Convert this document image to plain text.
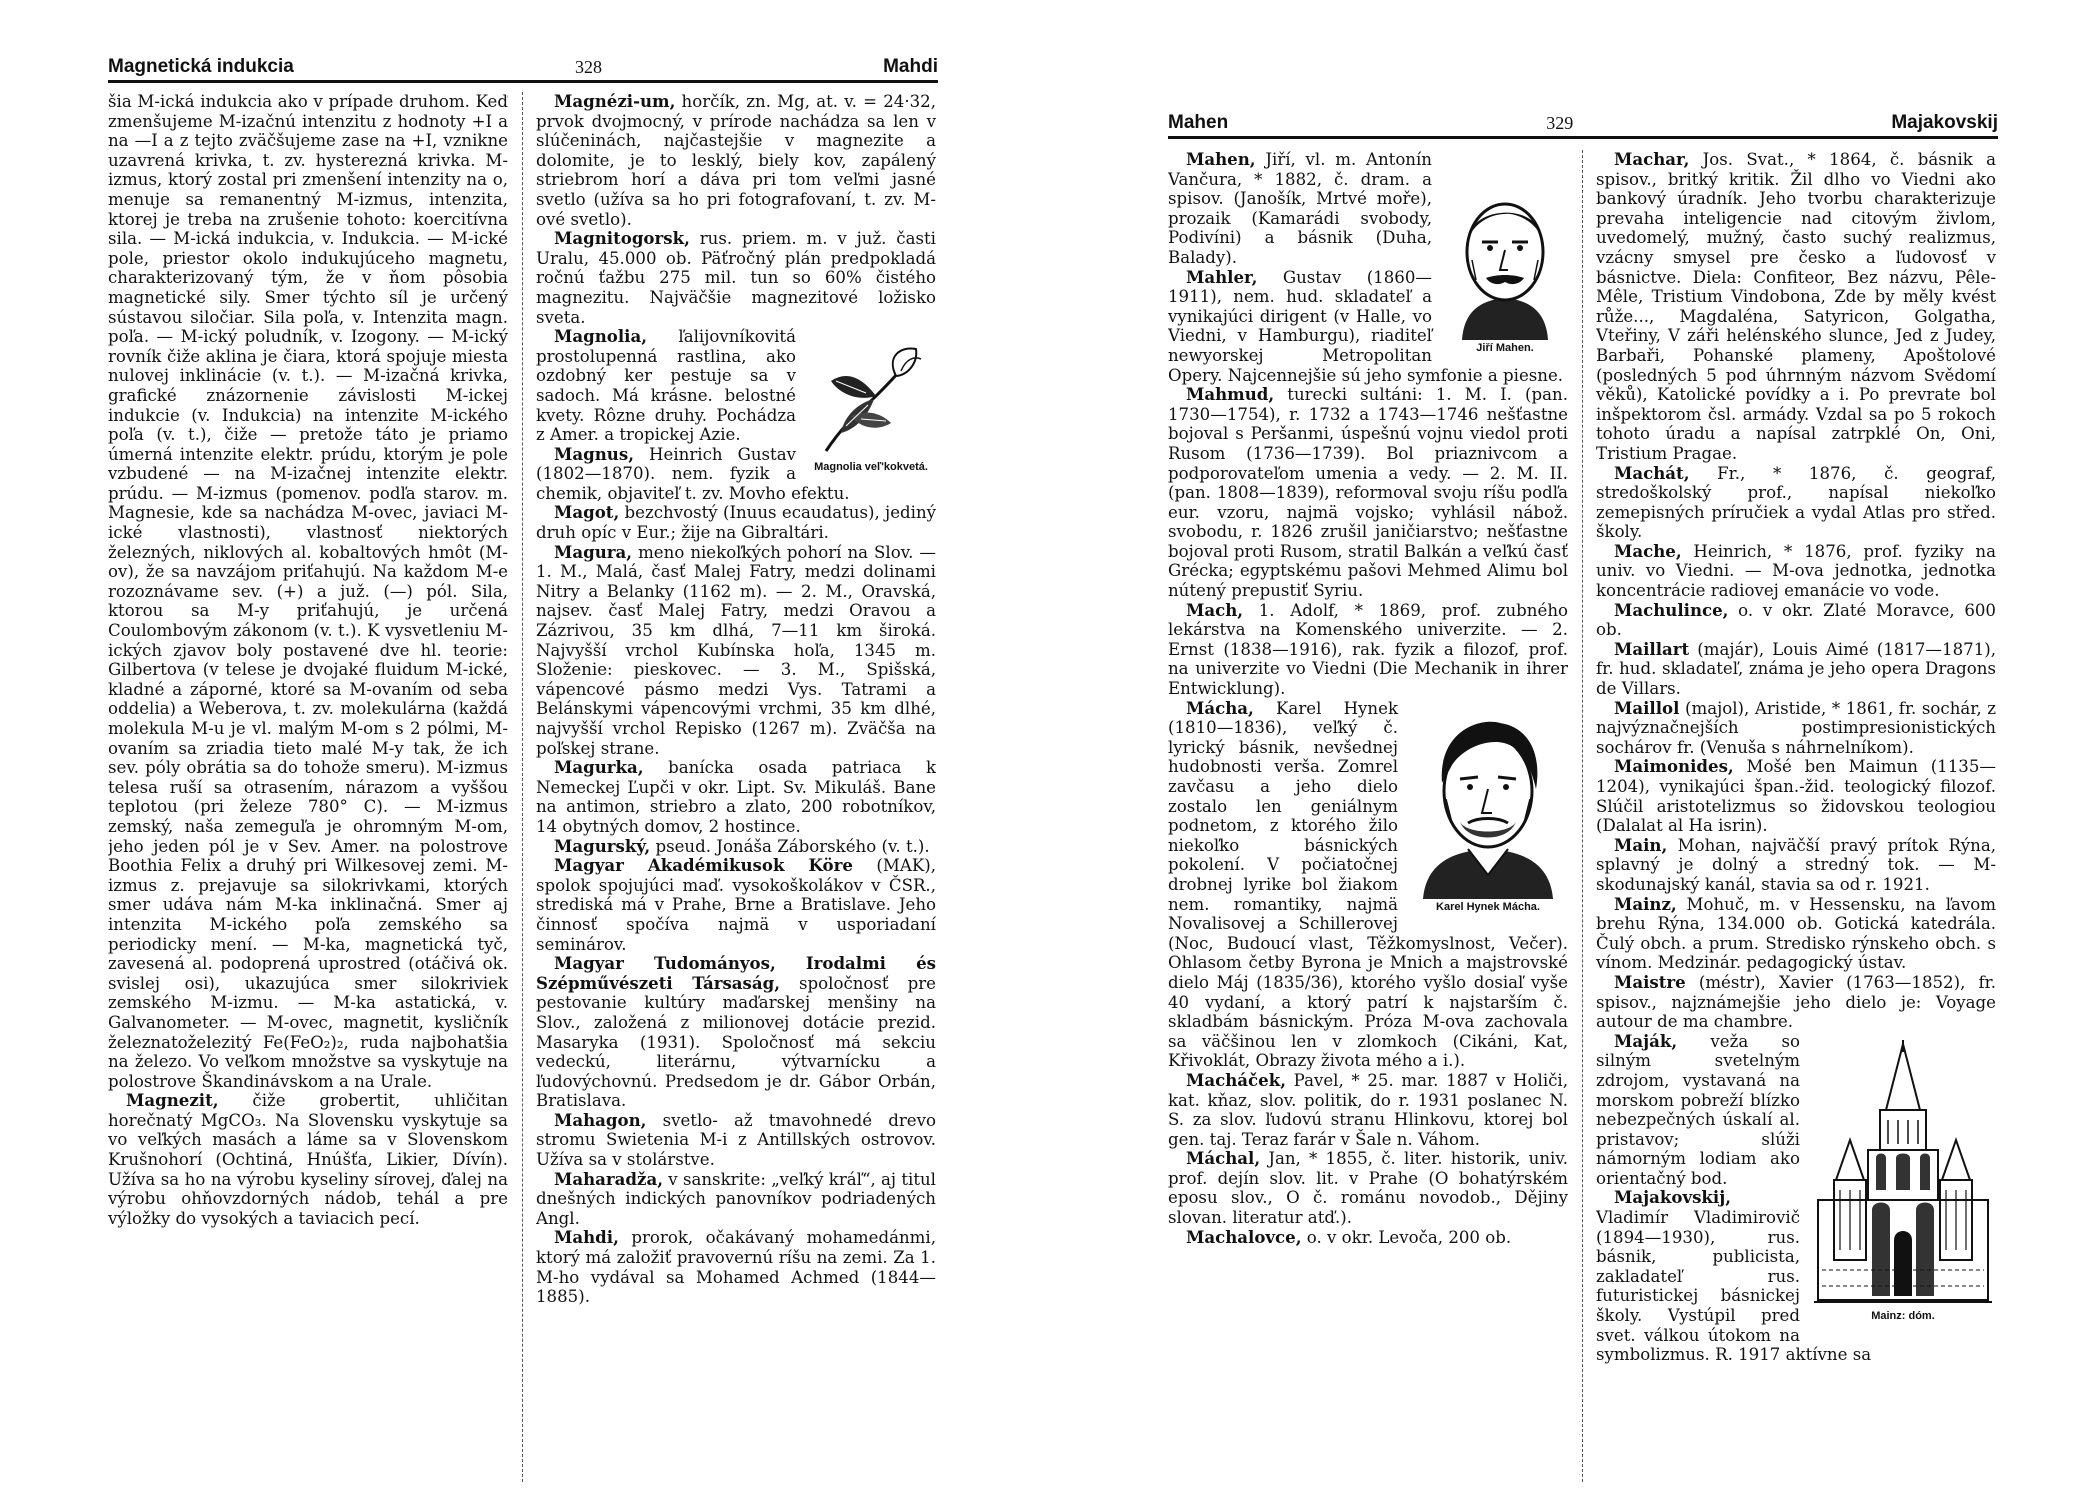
Magnetická indukcia	328	Mahdi

šia M-ická indukcia ako v prípade druhom. Keď zmenšujeme M-izačnú intenzitu z hodnoty +I a na —I a z tejto zväčšujeme zase na +I, vznikne uzavrená krivka, t. zv. hysterezná krivka. M-izmus, ktorý zostal pri zmenšení intenzity na o, menuje sa remanentný M-izmus, intenzita, ktorej je treba na zrušenie tohoto: koercitívna sila. — M-ická indukcia, v. Indukcia. — M-ické pole, priestor okolo indukujúceho magnetu, charakterizovaný tým, že v ňom pôsobia magnetické sily. Smer týchto síl je určený sústavou siločiar. Sila poľa, v. Intenzita magn. poľa. — M-ický poludník, v. Izogony. — M-ický rovník čiže aklina je čiara, ktorá spojuje miesta nulovej inklinácie (v. t.). — M-izačná krivka, grafické znázornenie závislosti M-ickej indukcie (v. Indukcia) na intenzite M-ického poľa (v. t.), čiže — pretože táto je priamo úmerná intenzite elektr. prúdu, ktorým je pole vzbudené — na M-izačnej intenzite elektr. prúdu. — M-izmus (pomenov. podľa starov. m. Magnesie, kde sa nachádza M-ovec, javiaci M-ické vlastnosti), vlastnosť niektorých železných, niklových al. kobaltových hmôt (M-ov), že sa navzájom priťahujú. Na každom M-e rozoznávame sev. (+) a juž. (—) pól. Sila, ktorou sa M-y priťahujú, je určená Coulombovým zákonom (v. t.). K vysvetleniu M-ických zjavov boly postavené dve hl. teorie: Gilbertova (v telese je dvojaké fluidum M-ické, kladné a záporné, ktoré sa M-ovaním od seba oddelia) a Weberova, t. zv. molekulárna (každá molekula M-u je vl. malým M-om s 2 pólmi, M-ovaním sa zriadia tieto malé M-y tak, že ich sev. póly obrátia sa do tohože smeru). M-izmus telesa ruší sa otrasením, nárazom a vyššou teplotou (pri železe 780° C). — M-izmus zemský, naša zemeguľa je ohromným M-om, jeho jeden pól je v Sev. Amer. na polostrove Boothia Felix a druhý pri Wilkesovej zemi. M-izmus z. prejavuje sa silokrivkami, ktorých smer udáva nám M-ka inklinačná. Smer aj intenzita M-ického poľa zemského sa periodicky mení. — M-ka, magnetická tyč, zavesená al. podoprená uprostred (otáčivá ok. svislej osi), ukazujúca smer silokriviek zemského M-izmu. — M-ka astatická, v. Galvanometer. — M-ovec, magnetit, kysličník železnatoželezitý Fe(FeO₂)₂, ruda najbohatšia na železo. Vo veľkom množstve sa vyskytuje na polostrove Škandinávskom a na Urale.

Magnezit, čiže grobertit, uhličitan horečnatý MgCO₃. Na Slovensku vyskytuje sa vo veľkých masách a láme sa v Slovenskom Krušnohorí (Ochtiná, Hnúšťa, Likier, Dívín). Užíva sa ho na výrobu kyseliny sírovej, ďalej na výrobu ohňovzdorných nádob, tehál a pre výložky do vysokých a taviacich pecí.

Magnézi-um, horčík, zn. Mg, at. v. = 24·32, prvok dvojmocný, v prírode nachádza sa len v slúčeninách, najčastejšie v magnezite a dolomite, je to lesklý, biely kov, zapálený striebrom horí a dáva pri tom veľmi jasné svetlo (užíva sa ho pri fotografovaní, t. zv. M-ové svetlo).

Magnitogorsk, rus. priem. m. v juž. časti Uralu, 45.000 ob. Päťročný plán predpokladá ročnú ťažbu 275 mil. tun so 60% čistého magnezitu. Najväčšie magnezitové ložisko sveta.

Magnolia veľ'kokvetá.

Magnolia, ľalijovníkovitá prostolupenná rastlina, ako ozdobný ker pestuje sa v sadoch. Má krásne. belostné kvety. Rôzne druhy. Pochádza z Amer. a tropickej Azie.

Magnus, Heinrich Gustav (1802—1870). nem. fyzik a chemik, objaviteľ t. zv. Movho efektu.

Magot, bezchvostý (Inuus ecaudatus), jediný druh opíc v Eur.; žije na Gibraltári.

Magura, meno niekoľkých pohorí na Slov. — 1. M., Malá, časť Malej Fatry, medzi dolinami Nitry a Belanky (1162 m). — 2. M., Oravská, najsev. časť Malej Fatry, medzi Oravou a Zázrivou, 35 km dlhá, 7—11 km široká. Najvyšší vrchol Kubínska hoľa, 1345 m. Složenie: pieskovec. — 3. M., Spišská, vápencové pásmo medzi Vys. Tatrami a Belánskymi vápencovými vrchmi, 35 km dlhé, najvyšší vrchol Repisko (1267 m). Zväčša na poľskej strane.

Magurka, banícka osada patriaca k Nemeckej Ľupči v okr. Lipt. Sv. Mikuláš. Bane na antimon, striebro a zlato, 200 robotníkov, 14 obytných domov, 2 hostince.

Magurský, pseud. Jonáša Záborského (v. t.).

Magyar Akadémikusok Köre (MAK), spolok spojujúci maď. vysokoškolákov v ČSR., strediská má v Prahe, Brne a Bratislave. Jeho činnosť spočíva najmä v usporiadaní seminárov.

Magyar Tudományos, Irodalmi és Szépművészeti Társaság, spoločnosť pre pestovanie kultúry maďarskej menšiny na Slov., založená z milionovej dotácie prezid. Masaryka (1931). Spoločnosť má sekciu vedeckú, literárnu, výtvarnícku a ľudovýchovnú. Predsedom je dr. Gábor Orbán, Bratislava.

Mahagon, svetlo- až tmavohnedé drevo stromu Swietenia M-i z Antillských ostrovov. Užíva sa v stolárstve.

Maharadža, v sanskrite: „veľký kráľ“, aj titul dnešných indických panovníkov podriadených Angl.

Mahdi, prorok, očakávaný mohamedánmi, ktorý má založiť pravovernú ríšu na zemi. Za 1. M-ho vydával sa Mohamed Achmed (1844—1885).

Mahen	329	Majakovskij
Jiří Mahen.

Mahen, Jiří, vl. m. Antonín Vančura, * 1882, č. dram. a spisov. (Janošík, Mrtvé moře), prozaik (Kamarádi svobody, Podivíni) a básnik (Duha, Balady).

Mahler, Gustav (1860—1911), nem. hud. skladateľ a vynikajúci dirigent (v Halle, vo Viedni, v Hamburgu), riaditeľ newyorskej Metropolitan Opery. Najcennejšie sú jeho symfonie a piesne.

Mahmud, turecki sultáni: 1. M. I. (pan. 1730—1754), r. 1732 a 1743—1746 nešťastne bojoval s Peršanmi, úspešnú vojnu viedol proti Rusom (1736—1739). Bol priaznivcom a podporovateľom umenia a vedy. — 2. M. II. (pan. 1808—1839), reformoval svoju ríšu podľa eur. vzoru, najmä vojsko; vyhlásil nábož. svobodu, r. 1826 zrušil janičiarstvo; nešťastne bojoval proti Rusom, stratil Balkán a veľkú časť Grécka; egyptskému pašovi Mehmed Alimu bol nútený prepustiť Syriu.

Mach, 1. Adolf, * 1869, prof. zubného lekárstva na Komenského univerzite. — 2. Ernst (1838—1916), rak. fyzik a filozof, prof. na univerzite vo Viedni (Die Mechanik in ihrer Entwicklung).

Karel Hynek Mácha.

Mácha, Karel Hynek (1810—1836), veľký č. lyrický básnik, nevšednej hudobnosti verša. Zomrel zavčasu a jeho dielo zostalo len geniálnym podnetom, z ktorého žilo niekoľko básnických pokolení. V počiatočnej drobnej lyrike bol žiakom nem. romantiky, najmä Novalisovej a Schillerovej (Noc, Budoucí vlast, Těžkomyslnost, Večer). Ohlasom četby Byrona je Mnich a majstrovské dielo Máj (1835/36), ktorého vyšlo dosiaľ vyše 40 vydaní, a ktorý patrí k najstarším č. skladbám básnickým. Próza M-ova zachovala sa väčšinou len v zlomkoch (Cikáni, Kat, Křivoklát, Obrazy života mého a i.).

Macháček, Pavel, * 25. mar. 1887 v Holiči, kat. kňaz, slov. politik, do r. 1931 poslanec N. S. za slov. ľudovú stranu Hlinkovu, ktorej bol gen. taj. Teraz farár v Šale n. Váhom.

Máchal, Jan, * 1855, č. liter. historik, univ. prof. dejín slov. lit. v Prahe (O bohatýrském eposu slov., O č. románu novodob., Dějiny slovan. literatur atď.).

Machalovce, o. v okr. Levoča, 200 ob.

Machar, Jos. Svat., * 1864, č. básnik a spisov., britký kritik. Žil dlho vo Viedni ako bankový úradník. Jeho tvorbu charakterizuje prevaha inteligencie nad citovým živlom, uvedomelý, mužný, často suchý realizmus, vzácny smysel pre česko a ľudovosť v básnictve. Diela: Confiteor, Bez názvu, Pêle-Mêle, Tristium Vindobona, Zde by měly kvést růže..., Magdaléna, Satyricon, Golgatha, Vteřiny, V záři helénského slunce, Jed z Judey, Barbaři, Pohanské plameny, Apoštolové (posledných 5 pod úhrnným názvom Svědomí věků), Katolické povídky a i. Po prevrate bol inšpektorom čsl. armády. Vzdal sa po 5 rokoch tohoto úradu a napísal zatrpklé On, Oni, Tristium Pragae.

Machát, Fr., * 1876, č. geograf, stredoškolský prof., napísal niekoľko zemepisných príručiek a vydal Atlas pro střed. školy.

Mache, Heinrich, * 1876, prof. fyziky na univ. vo Viedni. — M-ova jednotka, jednotka koncentrácie radiovej emanácie vo vode.

Machulince, o. v okr. Zlaté Moravce, 600 ob.

Maillart (majár), Louis Aimé (1817—1871), fr. hud. skladateľ, známa je jeho opera Dragons de Villars.

Maillol (majol), Aristide, * 1861, fr. sochár, z najvýznačnejších postimpresionistických sochárov fr. (Venuša s náhrnelníkom).

Maimonides, Mošé ben Maimun (1135—1204), vynikajúci špan.-žid. teologický filozof. Slúčil aristotelizmus so židovskou teologiou (Dalalat al Ha isrin).

Main, Mohan, najväčší pravý prítok Rýna, splavný je dolný a stredný tok. — M-skodunajský kanál, stavia sa od r. 1921.

Mainz, Mohuč, m. v Hessensku, na ľavom brehu Rýna, 134.000 ob. Gotická katedrála. Čulý obch. a prum. Stredisko rýnskeho obch. s vínom. Medzinár. pedagogický ústav.

Maistre (méstr), Xavier (1763—1852), fr. spisov., najznámejšie jeho dielo je: Voyage autour de ma chambre.

Mainz: dóm.

Maják, veža so silným svetelným zdrojom, vystavaná na morskom pobreží blízko nebezpečných úskalí al. pristavov; slúži námorným lodiam ako orientačný bod.

Majakovskij, Vladimír Vladimirovič (1894—1930), rus. básnik, publicista, zakladateľ rus. futuristickej básnickej školy. Vystúpil pred svet. válkou útokom na symbolizmus. R. 1917 aktívne sa
